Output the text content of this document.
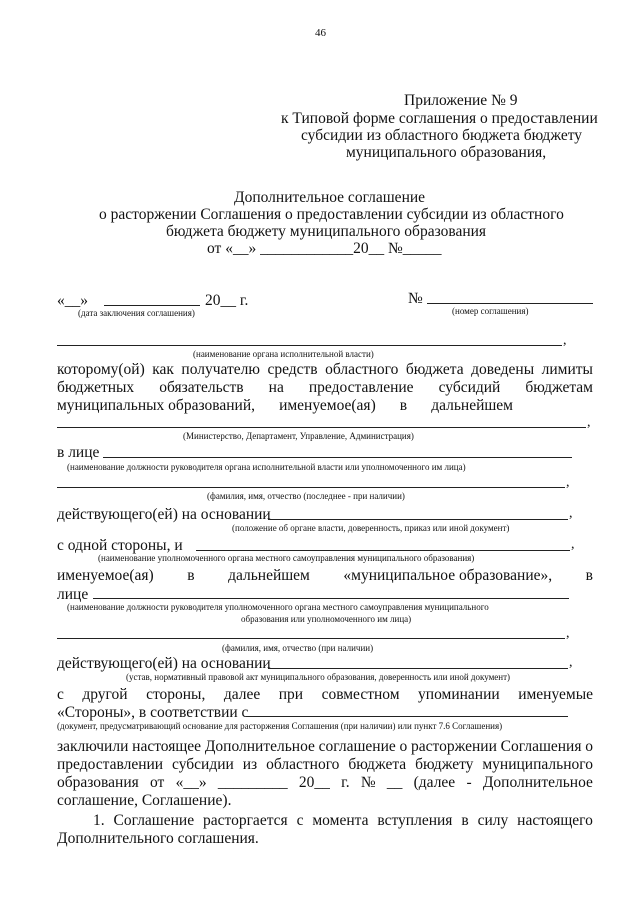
46
Приложение № 9
к Типовой форме соглашения о предоставлении
субсидии из областного бюджета бюджету
муниципального образования,
Дополнительное соглашение
о расторжении Соглашения о предоставлении субсидии из областного
бюджета бюджету муниципального образования
от «__» ____________20__ №_____
«__»	20__ г.	№
(дата заключения соглашения)	(номер соглашения)
,
(наименование органа исполнительной власти)
которому(ой) как получателю средств областного бюджета доведены лимиты
бюджетных обязательств на предоставление субсидий бюджетам
муниципальных образований, именуемое(ая) в дальнейшем
,
(Министерство, Департамент, Управление, Администрация)
в лице
(наименование должности руководителя органа исполнительной власти или уполномоченного им лица)
,
(фамилия, имя, отчество (последнее - при наличии)
действующего(ей) на основании	,
(положение об органе власти, доверенность, приказ или иной документ)
с одной стороны, и	,
(наименование уполномоченного органа местного самоуправления муниципального образования)
именуемое(ая) в дальнейшем «муниципальное образование», в
лице
(наименование должности руководителя уполномоченного органа местного самоуправления муниципального
образования или уполномоченного им лица)
,
(фамилия, имя, отчество (при наличии)
действующего(ей) на основании	,
(устав, нормативный правовой акт муниципального образования, доверенность или иной документ)
с другой стороны, далее при совместном упоминании именуемые
«Стороны», в соответствии с
(документ, предусматривающий основание для расторжения Соглашения (при наличии) или пункт 7.6 Соглашения)
заключили настоящее Дополнительное соглашение о расторжении Соглашения о
предоставлении субсидии из областного бюджета бюджету муниципального
образования от «__» _________ 20__ г. № __ (далее - Дополнительное
соглашение, Соглашение).
1. Соглашение расторгается с момента вступления в силу настоящего
Дополнительного соглашения.
